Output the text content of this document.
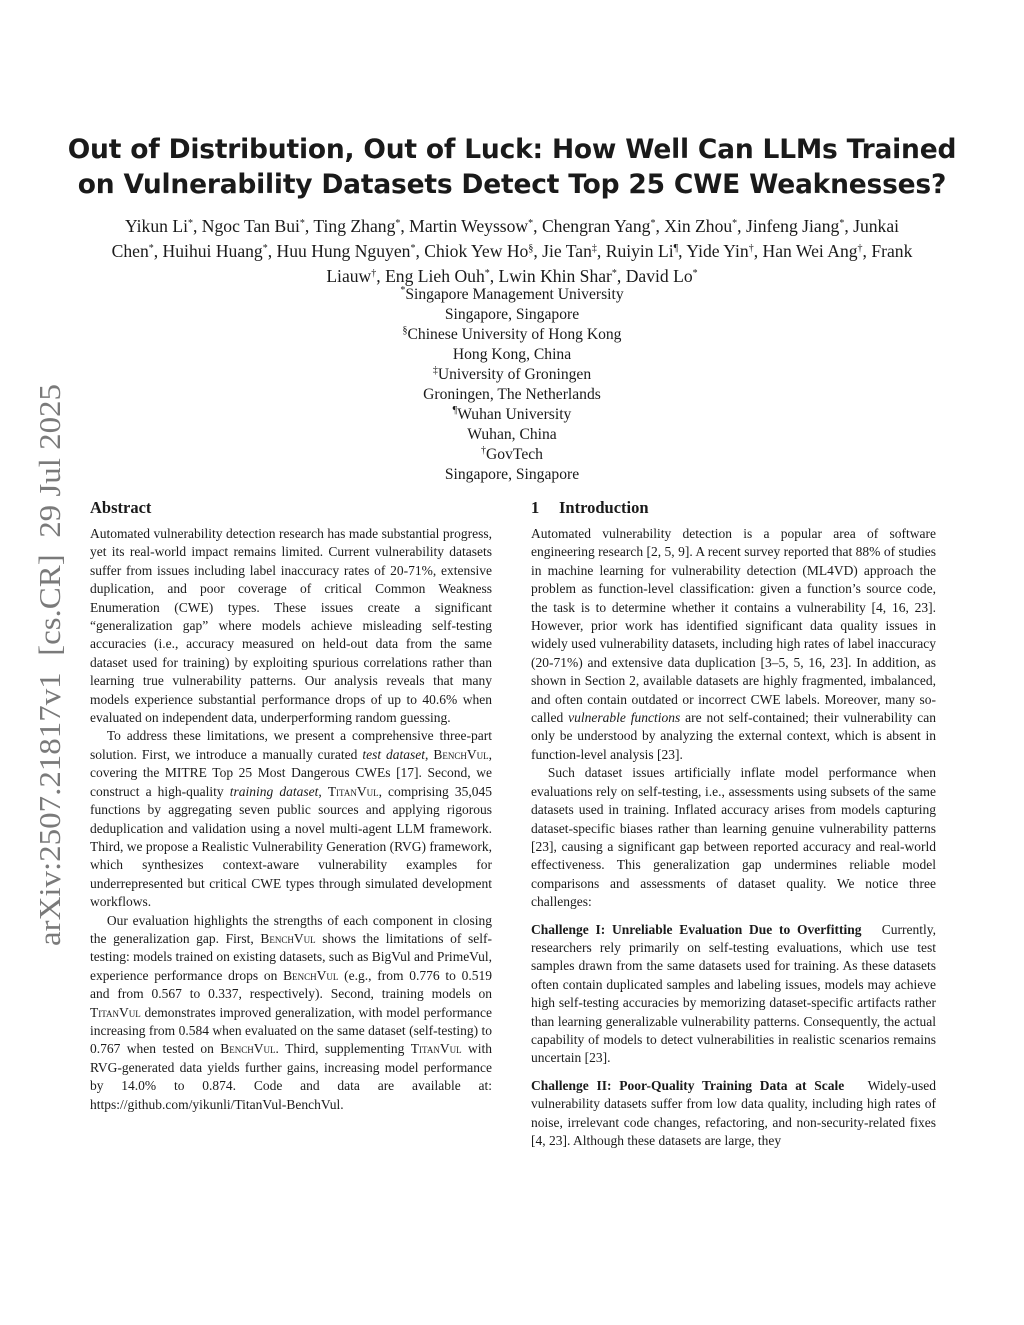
arXiv:2507.21817v1  [cs.CR]  29 Jul 2025
Out of Distribution, Out of Luck: How Well Can LLMs Trained on Vulnerability Datasets Detect Top 25 CWE Weaknesses?
Yikun Li*, Ngoc Tan Bui*, Ting Zhang*, Martin Weyssow*, Chengran Yang*, Xin Zhou*, Jinfeng Jiang*, Junkai Chen*, Huihui Huang*, Huu Hung Nguyen*, Chiok Yew Ho§, Jie Tan‡, Ruiyin Li¶, Yide Yin†, Han Wei Ang†, Frank Liauw†, Eng Lieh Ouh*, Lwin Khin Shar*, David Lo*
*Singapore Management University
Singapore, Singapore
§Chinese University of Hong Kong
Hong Kong, China
‡University of Groningen
Groningen, The Netherlands
¶Wuhan University
Wuhan, China
†GovTech
Singapore, Singapore
Abstract

Automated vulnerability detection research has made substantial progress, yet its real-world impact remains limited. Current vulnerability datasets suffer from issues including label inaccuracy rates of 20-71%, extensive duplication, and poor coverage of critical Common Weakness Enumeration (CWE) types. These issues create a significant “generalization gap” where models achieve misleading self-testing accuracies (i.e., accuracy measured on held-out data from the same dataset used for training) by exploiting spurious correlations rather than learning true vulnerability patterns. Our analysis reveals that many models experience substantial performance drops of up to 40.6% when evaluated on independent data, underperforming random guessing.

To address these limitations, we present a comprehensive three-part solution. First, we introduce a manually curated test dataset, BenchVul, covering the MITRE Top 25 Most Dangerous CWEs [17]. Second, we construct a high-quality training dataset, TitanVul, comprising 35,045 functions by aggregating seven public sources and applying rigorous deduplication and validation using a novel multi-agent LLM framework. Third, we propose a Realistic Vulnerability Generation (RVG) framework, which synthesizes context-aware vulnerability examples for underrepresented but critical CWE types through simulated development workflows.

Our evaluation highlights the strengths of each component in closing the generalization gap. First, BenchVul shows the limitations of self-testing: models trained on existing datasets, such as BigVul and PrimeVul, experience performance drops on BenchVul (e.g., from 0.776 to 0.519 and from 0.567 to 0.337, respectively). Second, training models on TitanVul demonstrates improved generalization, with model performance increasing from 0.584 when evaluated on the same dataset (self-testing) to 0.767 when tested on BenchVul. Third, supplementing TitanVul with RVG-generated data yields further gains, increasing model performance by 14.0% to 0.874. Code and data are available at: https://github.com/yikunli/TitanVul-BenchVul.

1 Introduction

Automated vulnerability detection is a popular area of software engineering research [2, 5, 9]. A recent survey reported that 88% of studies in machine learning for vulnerability detection (ML4VD) approach the problem as function-level classification: given a function’s source code, the task is to determine whether it contains a vulnerability [4, 16, 23]. However, prior work has identified significant data quality issues in widely used vulnerability datasets, including high rates of label inaccuracy (20-71%) and extensive data duplication [3–5, 5, 16, 23]. In addition, as shown in Section 2, available datasets are highly fragmented, imbalanced, and often contain outdated or incorrect CWE labels. Moreover, many so-called vulnerable functions are not self-contained; their vulnerability can only be understood by analyzing the external context, which is absent in function-level analysis [23].

Such dataset issues artificially inflate model performance when evaluations rely on self-testing, i.e., assessments using subsets of the same datasets used in training. Inflated accuracy arises from models capturing dataset-specific biases rather than learning genuine vulnerability patterns [23], causing a significant gap between reported accuracy and real-world effectiveness. This generalization gap undermines reliable model comparisons and assessments of dataset quality. We notice three challenges:

Challenge I: Unreliable Evaluation Due to Overfitting Currently, researchers rely primarily on self-testing evaluations, which use test samples drawn from the same datasets used for training. As these datasets often contain duplicated samples and labeling issues, models may achieve high self-testing accuracies by memorizing dataset-specific artifacts rather than learning generalizable vulnerability patterns. Consequently, the actual capability of models to detect vulnerabilities in realistic scenarios remains uncertain [23].

Challenge II: Poor-Quality Training Data at Scale Widely-used vulnerability datasets suffer from low data quality, including high rates of noise, irrelevant code changes, refactoring, and non-security-related fixes [4, 23]. Although these datasets are large, they
